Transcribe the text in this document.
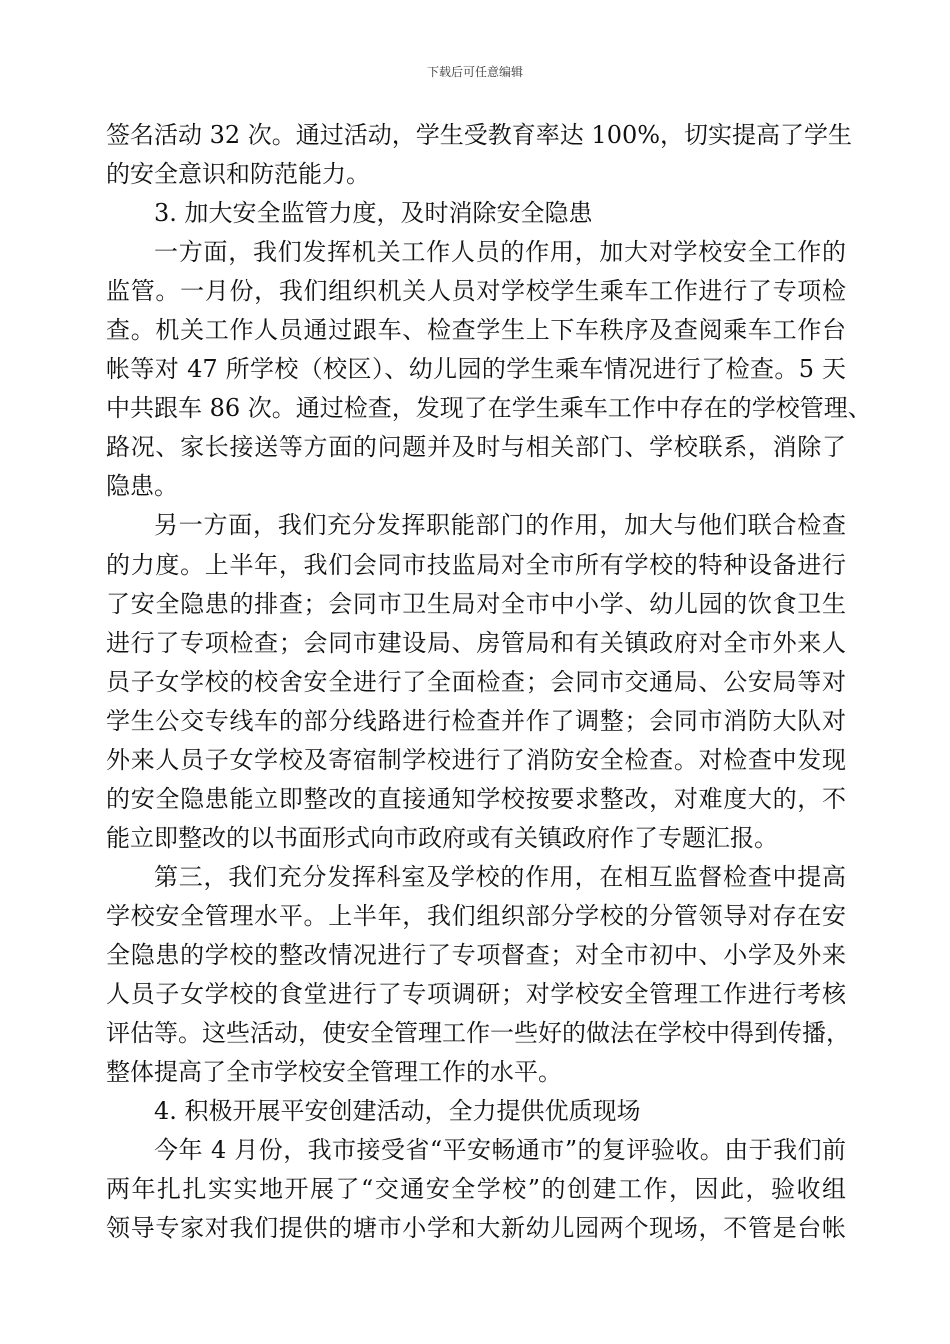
下载后可任意编辑
签名活动 32 次。通过活动，学生受教育率达 100%，切实提高了学生
的安全意识和防范能力。
3. 加大安全监管力度，及时消除安全隐患
一方面，我们发挥机关工作人员的作用，加大对学校安全工作的
监管。一月份，我们组织机关人员对学校学生乘车工作进行了专项检
查。机关工作人员通过跟车、检查学生上下车秩序及查阅乘车工作台
帐等对 47 所学校（校区）、幼儿园的学生乘车情况进行了检查。5 天
中共跟车 86 次。通过检查，发现了在学生乘车工作中存在的学校管理、
路况、家长接送等方面的问题并及时与相关部门、学校联系，消除了
隐患。
另一方面，我们充分发挥职能部门的作用，加大与他们联合检查
的力度。上半年，我们会同市技监局对全市所有学校的特种设备进行
了安全隐患的排查；会同市卫生局对全市中小学、幼儿园的饮食卫生
进行了专项检查；会同市建设局、房管局和有关镇政府对全市外来人
员子女学校的校舍安全进行了全面检查；会同市交通局、公安局等对
学生公交专线车的部分线路进行检查并作了调整；会同市消防大队对
外来人员子女学校及寄宿制学校进行了消防安全检查。对检查中发现
的安全隐患能立即整改的直接通知学校按要求整改，对难度大的，不
能立即整改的以书面形式向市政府或有关镇政府作了专题汇报。
第三，我们充分发挥科室及学校的作用，在相互监督检查中提高
学校安全管理水平。上半年，我们组织部分学校的分管领导对存在安
全隐患的学校的整改情况进行了专项督查；对全市初中、小学及外来
人员子女学校的食堂进行了专项调研；对学校安全管理工作进行考核
评估等。这些活动，使安全管理工作一些好的做法在学校中得到传播，
整体提高了全市学校安全管理工作的水平。
4. 积极开展平安创建活动，全力提供优质现场
今年 4 月份，我市接受省“平安畅通市”的复评验收。由于我们前
两年扎扎实实地开展了“交通安全学校”的创建工作，因此，验收组
领导专家对我们提供的塘市小学和大新幼儿园两个现场，不管是台帐
